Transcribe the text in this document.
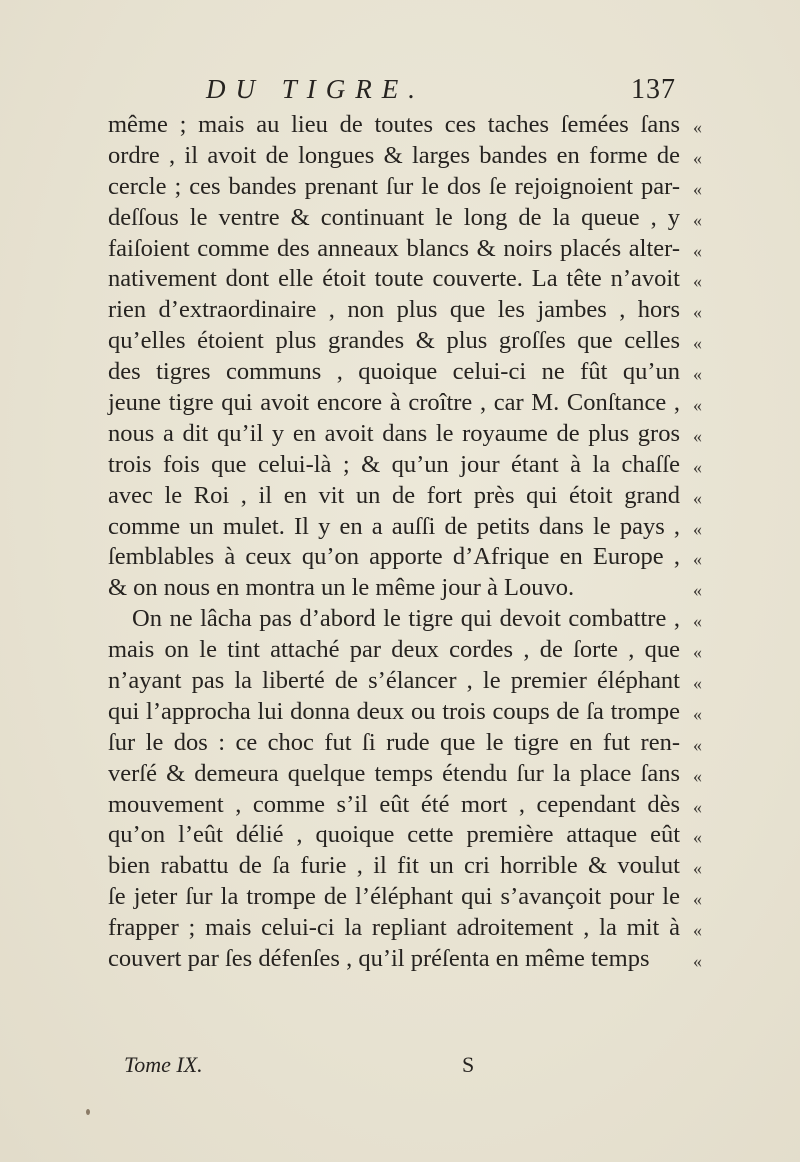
DU TIGRE.	137
même ; mais au lieu de toutes ces taches ſemées ſans «
ordre , il avoit de longues & larges bandes en forme de «
cercle ; ces bandes prenant ſur le dos ſe rejoignoient par- «
deſſous le ventre & continuant le long de la queue , y «
faiſoient comme des anneaux blancs & noirs placés alter- «
nativement dont elle étoit toute couverte. La tête n’avoit «
rien d’extraordinaire , non plus que les jambes , hors «
qu’elles étoient plus grandes & plus groſſes que celles «
des tigres communs , quoique celui-ci ne fût qu’un «
jeune tigre qui avoit encore à croître , car M. Conſtance , «
nous a dit qu’il y en avoit dans le royaume de plus gros «
trois fois que celui-là ; & qu’un jour étant à la chaſſe «
avec le Roi , il en vit un de fort près qui étoit grand «
comme un mulet. Il y en a auſſi de petits dans le pays , «
ſemblables à ceux qu’on apporte d’Afrique en Europe , «
& on nous en montra un le même jour à Louvo.	«
On ne lâcha pas d’abord le tigre qui devoit combattre , «
mais on le tint attaché par deux cordes , de ſorte , que «
n’ayant pas la liberté de s’élancer , le premier éléphant «
qui l’approcha lui donna deux ou trois coups de ſa trompe «
ſur le dos : ce choc fut ſi rude que le tigre en fut ren- «
verſé & demeura quelque temps étendu ſur la place ſans «
mouvement , comme s’il eût été mort , cependant dès «
qu’on l’eût délié , quoique cette première attaque eût «
bien rabattu de ſa furie , il fit un cri horrible & voulut «
ſe jeter ſur la trompe de l’éléphant qui s’avançoit pour le «
frapper ; mais celui-ci la repliant adroitement , la mit à «
couvert par ſes défenſes , qu’il préſenta en même temps «
Tome IX.	S
